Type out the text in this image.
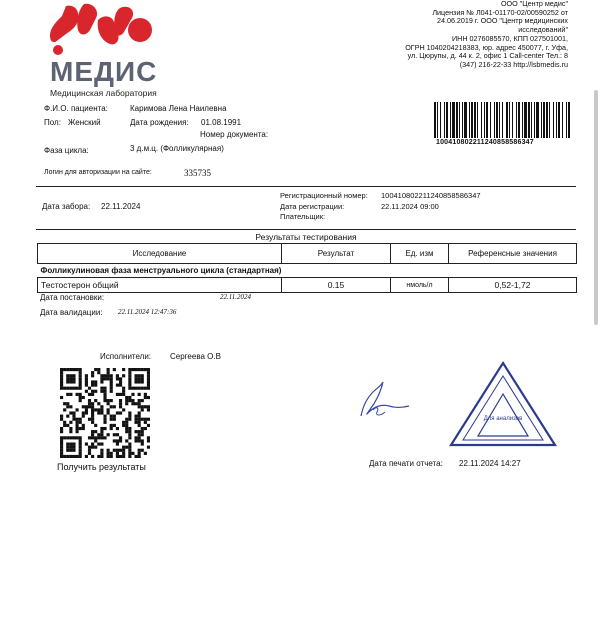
МЕДИС
Медицинская лаборатория
ООО "Центр медис"
Лицензия № Л041-01170-02/00590252 от
24.06.2019 г. ООО "Центр медицинских
исследований"
ИНН 0276085570, КПП 027501001,
ОГРН 1040204218383, юр. адрес 450077, г. Уфа,
ул. Цюрупы, д. 44 к. 2, офис 1 Call-center Тел.: 8
(347) 216-22-33 http://lsbmedis.ru
1004108022112408585863​47
Ф.И.О. пациента:	Каримова Лена Наилевна
Пол: Женский	Дата рождения: 01.08.1991
Номер документа:
Фаза цикла:	3 д.м.ц. (Фолликулярная)
Логин для авторизации на сайте:	335735
Дата забора: 22.11.2024
Регистрационный номер: 100410802211240858586347
Дата регистрации:	22.11.2024 09:00
Плательщик:
Результаты тестирования
Исследование	Результат	Ед. изм	Референсные значения
Фолликулиновая фаза менструального цикла (стандартная)			
Тестостерон общий	0.15	нмоль/л	0,52-1,72
Дата постановки:	22.11.2024
Дата валидации: 22.11.2024 12:47:36
Исполнители: Сергеева О.В
Получить результаты
Для анализов
Дата печати отчета: 22.11.2024 14:27
